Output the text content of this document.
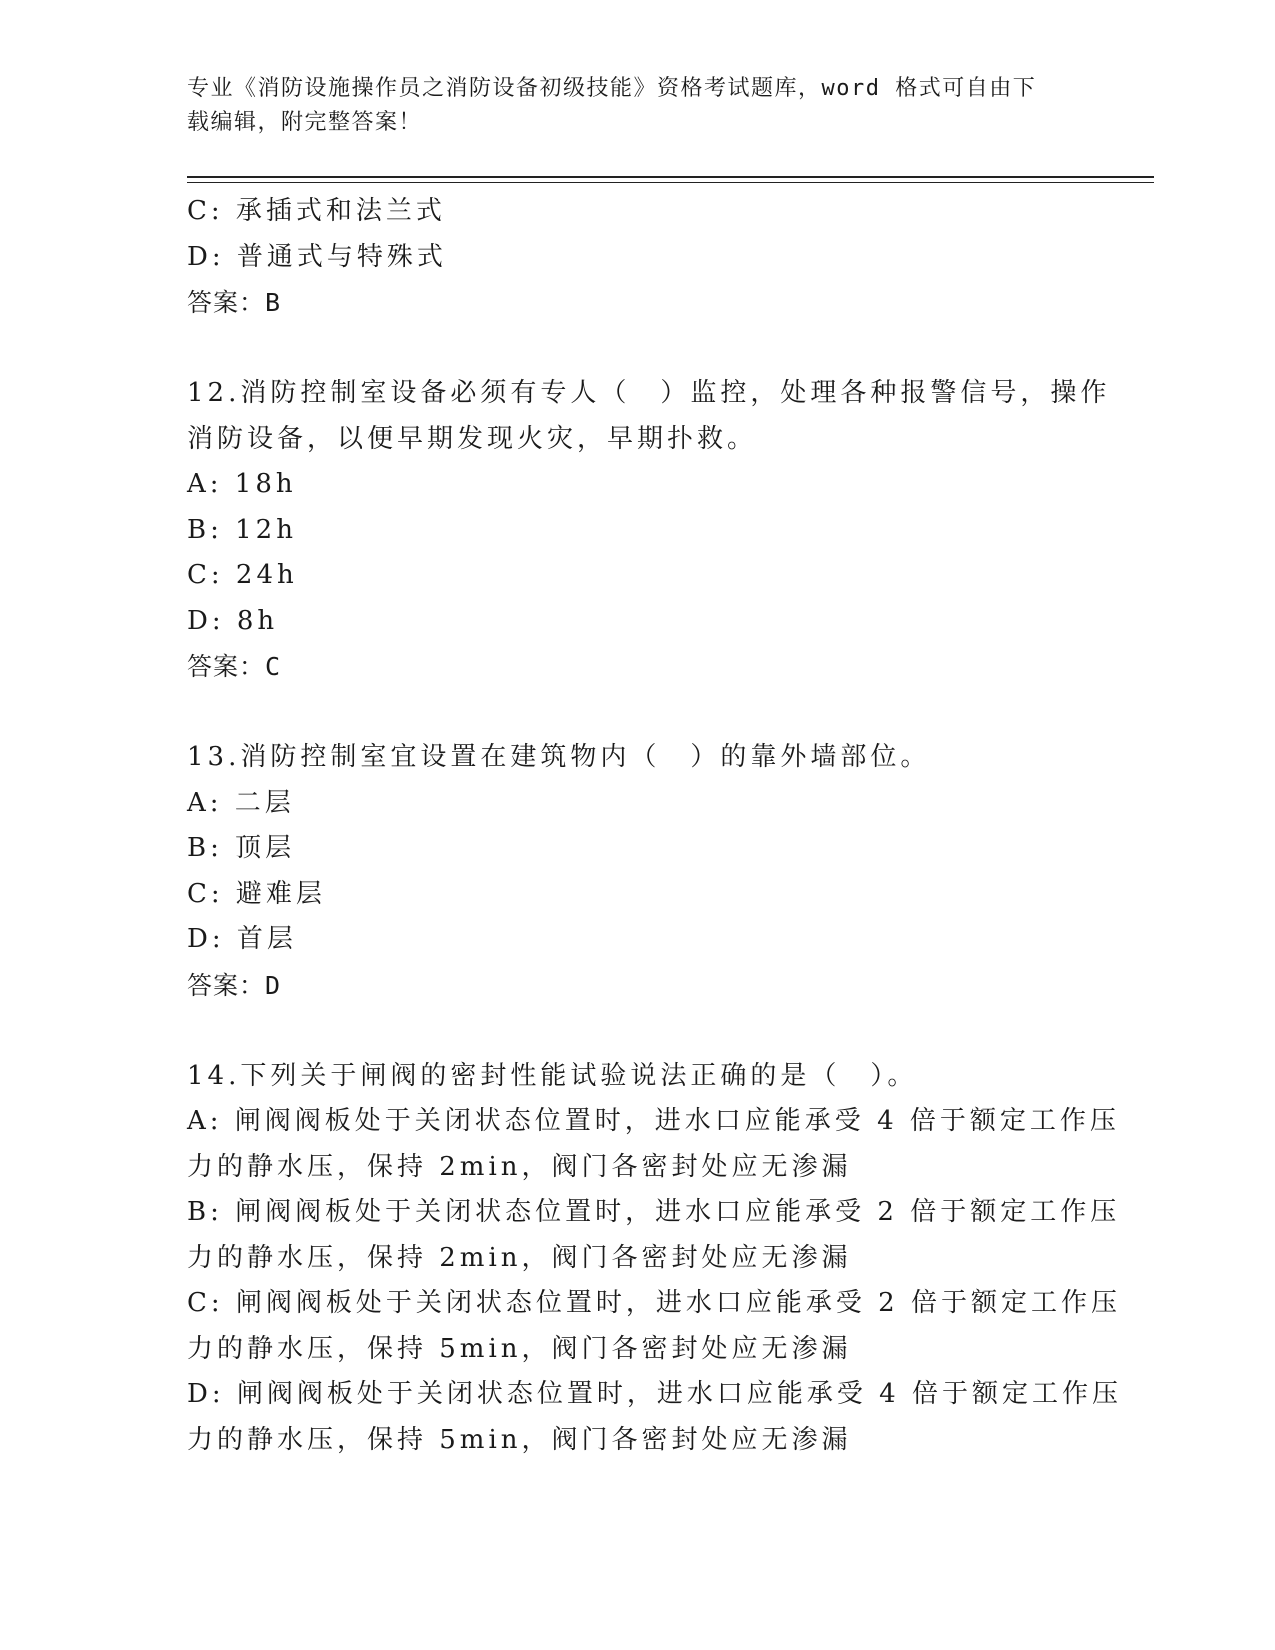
专业《消防设施操作员之消防设备初级技能》资格考试题库，word 格式可自由下
载编辑，附完整答案！
C: 承插式和法兰式
D: 普通式与特殊式
答案：B
12.消防控制室设备必须有专人（　）监控，处理各种报警信号，操作
消防设备，以便早期发现火灾，早期扑救。
A: 18h
B: 12h
C: 24h
D: 8h
答案：C
13.消防控制室宜设置在建筑物内（　）的靠外墙部位。
A: 二层
B: 顶层
C: 避难层
D: 首层
答案：D
14.下列关于闸阀的密封性能试验说法正确的是（　）。
A: 闸阀阀板处于关闭状态位置时，进水口应能承受 4 倍于额定工作压
力的静水压，保持 2min，阀门各密封处应无渗漏
B: 闸阀阀板处于关闭状态位置时，进水口应能承受 2 倍于额定工作压
力的静水压，保持 2min，阀门各密封处应无渗漏
C: 闸阀阀板处于关闭状态位置时，进水口应能承受 2 倍于额定工作压
力的静水压，保持 5min，阀门各密封处应无渗漏
D: 闸阀阀板处于关闭状态位置时，进水口应能承受 4 倍于额定工作压
力的静水压，保持 5min，阀门各密封处应无渗漏
